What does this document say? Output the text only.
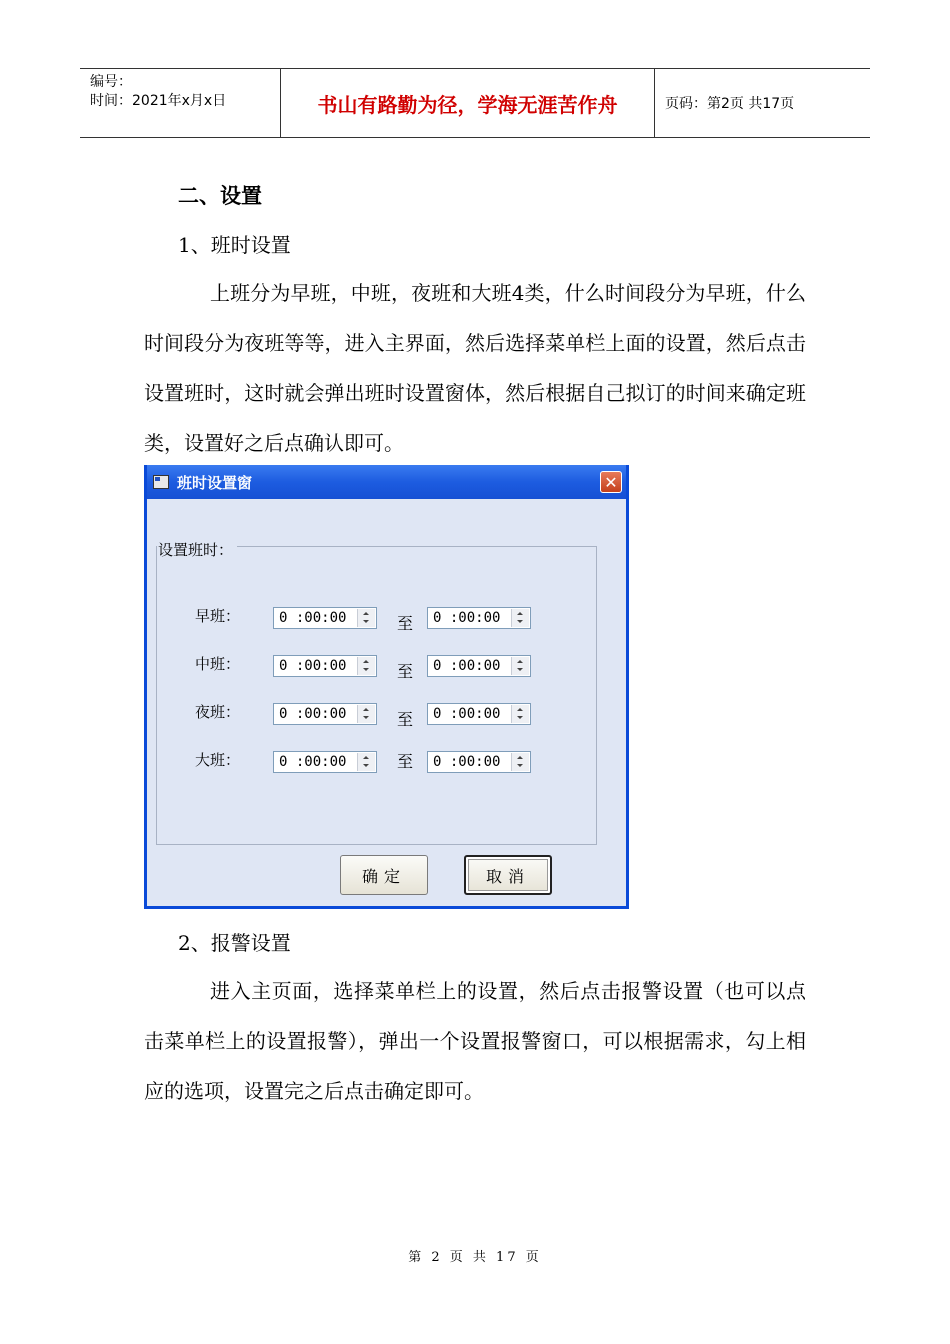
编号：
时间：2021年x月x日	书山有路勤为径，学海无涯苦作舟	页码：第2页 共17页
二、设置
1、班时设置
上班分为早班，中班，夜班和大班4类，什么时间段分为早班，什么时间段分为夜班等等，进入主界面，然后选择菜单栏上面的设置，然后点击设置班时，这时就会弹出班时设置窗体，然后根据自己拟订的时间来确定班类，设置好之后点确认即可。
班时设置窗	✕
设置班时：
早班：	0 :00:00	至	0 :00:00
中班：	0 :00:00	至	0 :00:00
夜班：	0 :00:00	至	0 :00:00
大班：	0 :00:00	至	0 :00:00
确定	取消
2、报警设置
进入主页面，选择菜单栏上的设置，然后点击报警设置（也可以点击菜单栏上的设置报警），弹出一个设置报警窗口，可以根据需求，勾上相应的选项，设置完之后点击确定即可。
第 2 页 共 17 页
